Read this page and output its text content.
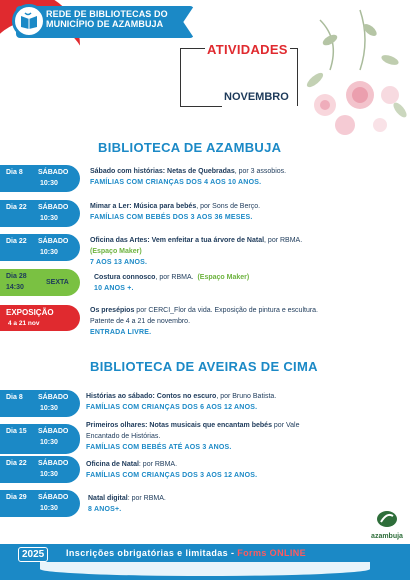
REDE DE BIBLIOTECAS DO
MUNICÍPIO DE AZAMBUJA
ATIVIDADES
NOVEMBRO
BIBLIOTECA DE AZAMBUJA
Dia 8 SÁBADO
10:30
Sábado com histórias: Netas de Quebradas, por 3 assobios.
FAMÍLIAS COM CRIANÇAS DOS 4 AOS 10 ANOS.
Dia 22 SÁBADO
10:30
Mimar a Ler: Música para bebés, por Sons de Berço.
FAMÍLIAS COM BEBÉS DOS 3 AOS 36 MESES.
Dia 22 SÁBADO
10:30
Oficina das Artes: Vem enfeitar a tua árvore de Natal, por RBMA.
(Espaço Maker)
7 AOS 13 ANOS.
Dia 28
SEXTA
14:30
Costura connosco, por RBMA. (Espaço Maker)
10 ANOS +.
EXPOSIÇÃO
4 a 21 nov
Os presépios por CERCI_Flor da vida. Exposição de pintura e escultura.
Patente de 4 a 21 de novembro.
ENTRADA LIVRE.
BIBLIOTECA DE AVEIRAS DE CIMA
Dia 8 SÁBADO
10:30
Histórias ao sábado: Contos no escuro, por Bruno Batista.
FAMÍLIAS COM CRIANÇAS DOS 6 AOS 12 ANOS.
Dia 15 SÁBADO
10:30
Primeiros olhares: Notas musicais que encantam bebés por Vale
Encantado de Histórias.
FAMÍLIAS COM BEBÉS ATÉ AOS 3 ANOS.
Dia 22 SÁBADO
10:30
Oficina de Natal: por RBMA.
FAMÍLIAS COM CRIANÇAS DOS 3 AOS 12 ANOS.
Dia 29 SÁBADO
10:30
Natal digital: por RBMA.
8 ANOS+.
azambuja
2025	Inscrições obrigatórias e limitadas - Forms ONLINE
